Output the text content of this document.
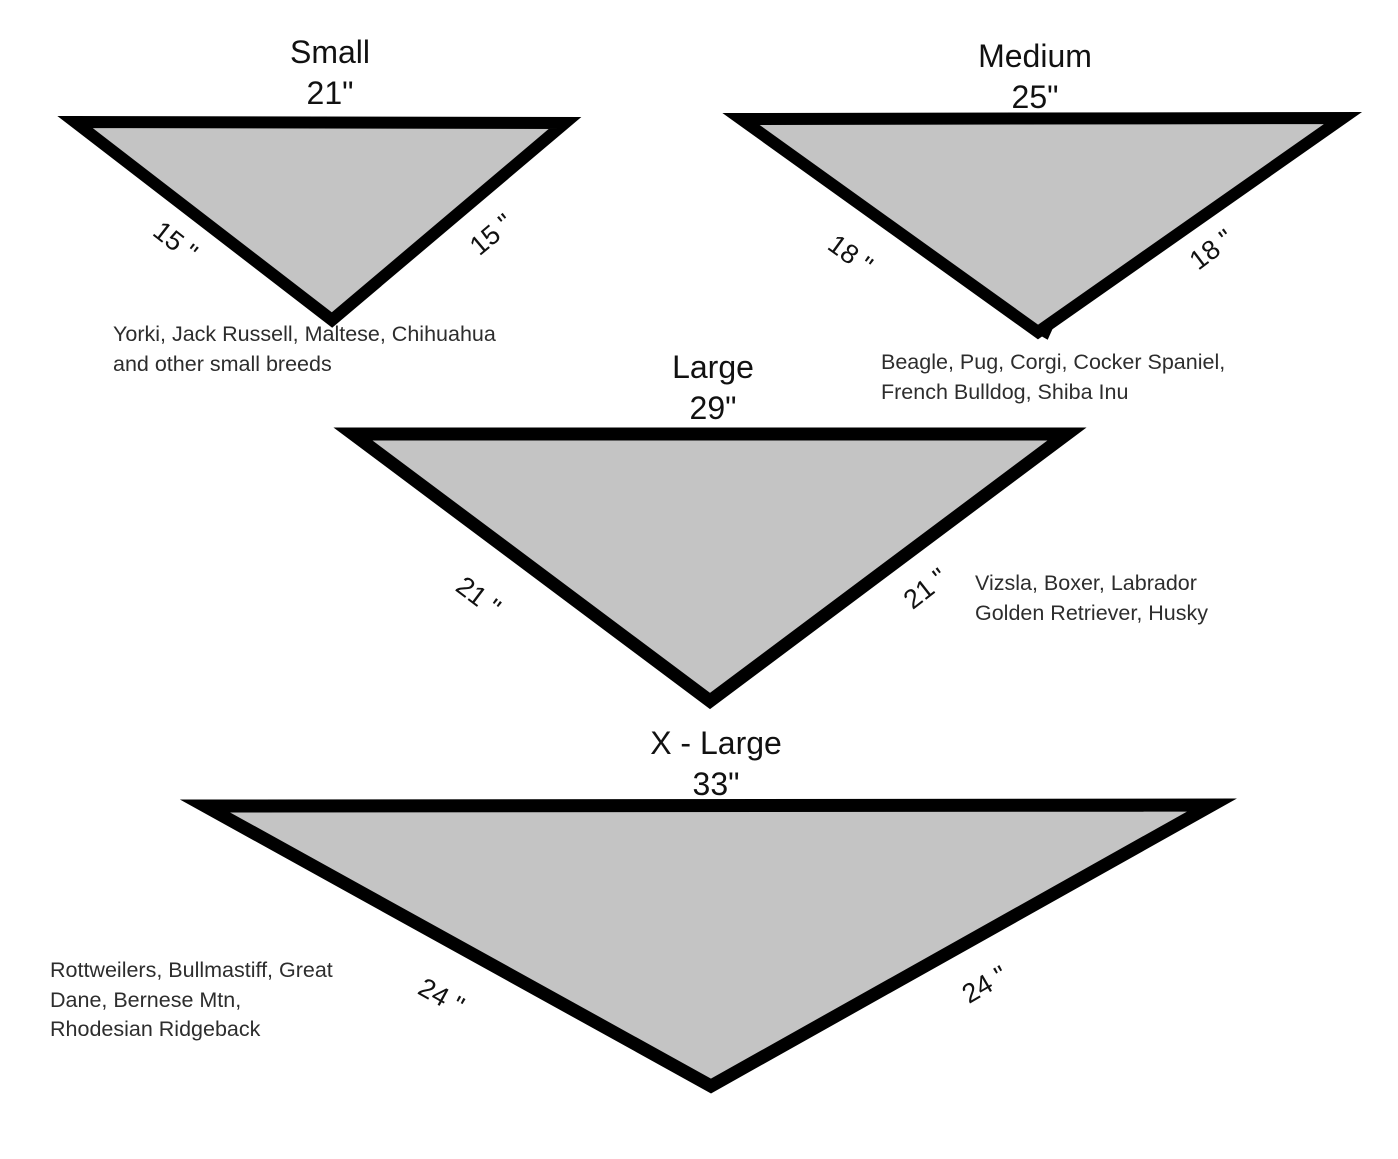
Small
21"
15 "	15 "
Yorki, Jack Russell, Maltese, Chihuahua
and other small breeds
Medium
25"
18 "	18 "
Beagle, Pug, Corgi, Cocker Spaniel,
French Bulldog, Shiba Inu
Large
29"
21 "	21 " Vizsla, Boxer, Labrador
Golden Retriever, Husky
X - Large
33"
24 "	24 "
Rottweilers, Bullmastiff, Great
Dane, Bernese Mtn,
Rhodesian Ridgeback
